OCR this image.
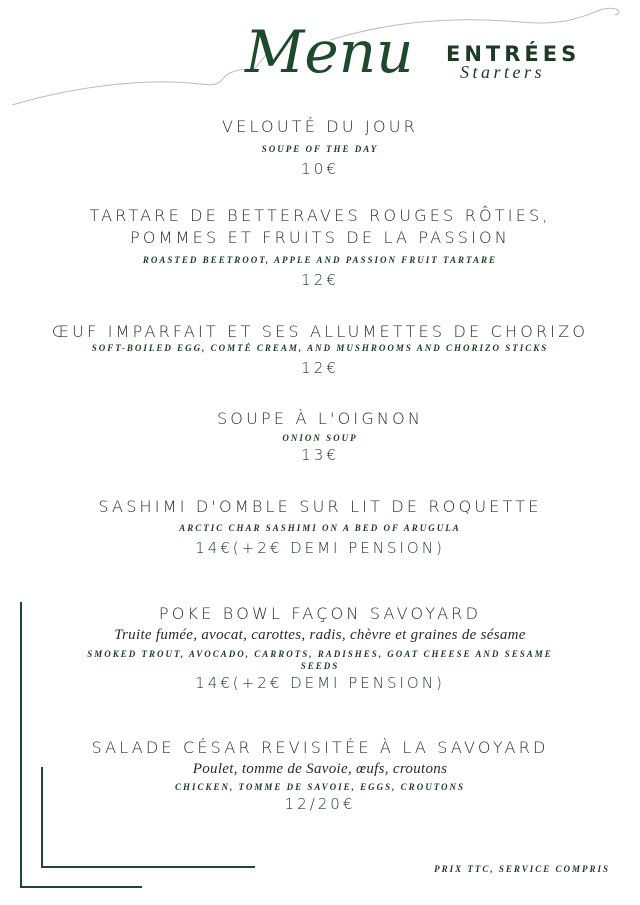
Menu ENTRÉES
Starters
VELOUTÉ DU JOUR
SOUPE OF THE DAY
10€
TARTARE DE BETTERAVES ROUGES RÔTIES,
POMMES ET FRUITS DE LA PASSION
ROASTED BEETROOT, APPLE AND PASSION FRUIT TARTARE
12€
ŒUF IMPARFAIT ET SES ALLUMETTES DE CHORIZO
SOFT-BOILED EGG, COMTÉ CREAM, AND MUSHROOMS AND CHORIZO STICKS
12€
SOUPE À L'OIGNON
ONION SOUP
13€
SASHIMI D'OMBLE SUR LIT DE ROQUETTE
ARCTIC CHAR SASHIMI ON A BED OF ARUGULA
14€(+2€ DEMI PENSION)
POKE BOWL FAÇON SAVOYARD
Truite fumée, avocat, carottes, radis, chèvre et graines de sésame
SMOKED TROUT, AVOCADO, CARROTS, RADISHES, GOAT CHEESE AND SESAME
SEEDS
14€(+2€ DEMI PENSION)
SALADE CÉSAR REVISITÉE À LA SAVOYARD
Poulet, tomme de Savoie, œufs, croutons
CHICKEN, TOMME DE SAVOIE, EGGS, CROUTONS
12/20€
PRIX TTC, SERVICE COMPRIS
